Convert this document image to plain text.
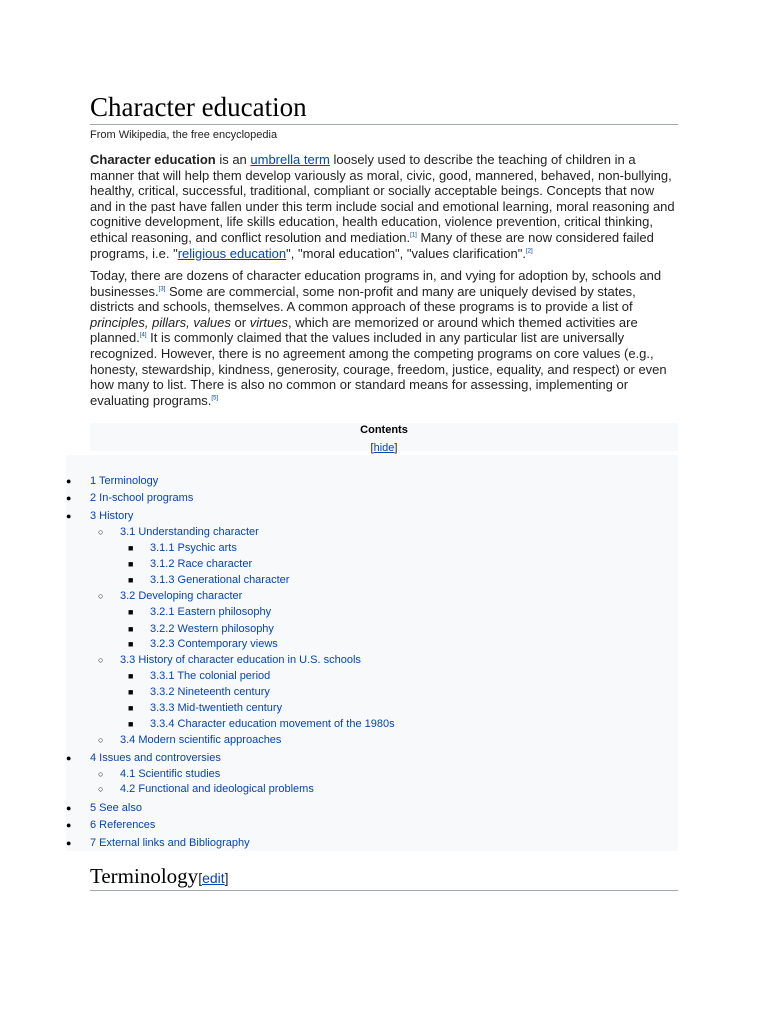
Character education
From Wikipedia, the free encyclopedia

Character education is an umbrella term loosely used to describe the teaching of children in a manner that will help them develop variously as moral, civic, good, mannered, behaved, non-bullying, healthy, critical, successful, traditional, compliant or socially acceptable beings. Concepts that now and in the past have fallen under this term include social and emotional learning, moral reasoning and cognitive development, life skills education, health education, violence prevention, critical thinking, ethical reasoning, and conflict resolution and mediation.[1] Many of these are now considered failed programs, i.e. "religious education", "moral education", "values clarification".[2]

Today, there are dozens of character education programs in, and vying for adoption by, schools and businesses.[3] Some are commercial, some non-profit and many are uniquely devised by states, districts and schools, themselves. A common approach of these programs is to provide a list of principles, pillars, values or virtues, which are memorized or around which themed activities are planned.[4] It is commonly claimed that the values included in any particular list are universally recognized. However, there is no agreement among the competing programs on core values (e.g., honesty, stewardship, kindness, generosity, courage, freedom, justice, equality, and respect) or even how many to list. There is also no common or standard means for assessing, implementing or evaluating programs.[5]

Contents
[hide]
● 1 Terminology
● 2 In-school programs
● 3 History
○ 3.1 Understanding character
■ 3.1.1 Psychic arts
■ 3.1.2 Race character
■ 3.1.3 Generational character
○ 3.2 Developing character
■ 3.2.1 Eastern philosophy
■ 3.2.2 Western philosophy
■ 3.2.3 Contemporary views
○ 3.3 History of character education in U.S. schools
■ 3.3.1 The colonial period
■ 3.3.2 Nineteenth century
■ 3.3.3 Mid-twentieth century
■ 3.3.4 Character education movement of the 1980s
○ 3.4 Modern scientific approaches
● 4 Issues and controversies
○ 4.1 Scientific studies
○ 4.2 Functional and ideological problems
● 5 See also
● 6 References
● 7 External links and Bibliography
Terminology[edit]
